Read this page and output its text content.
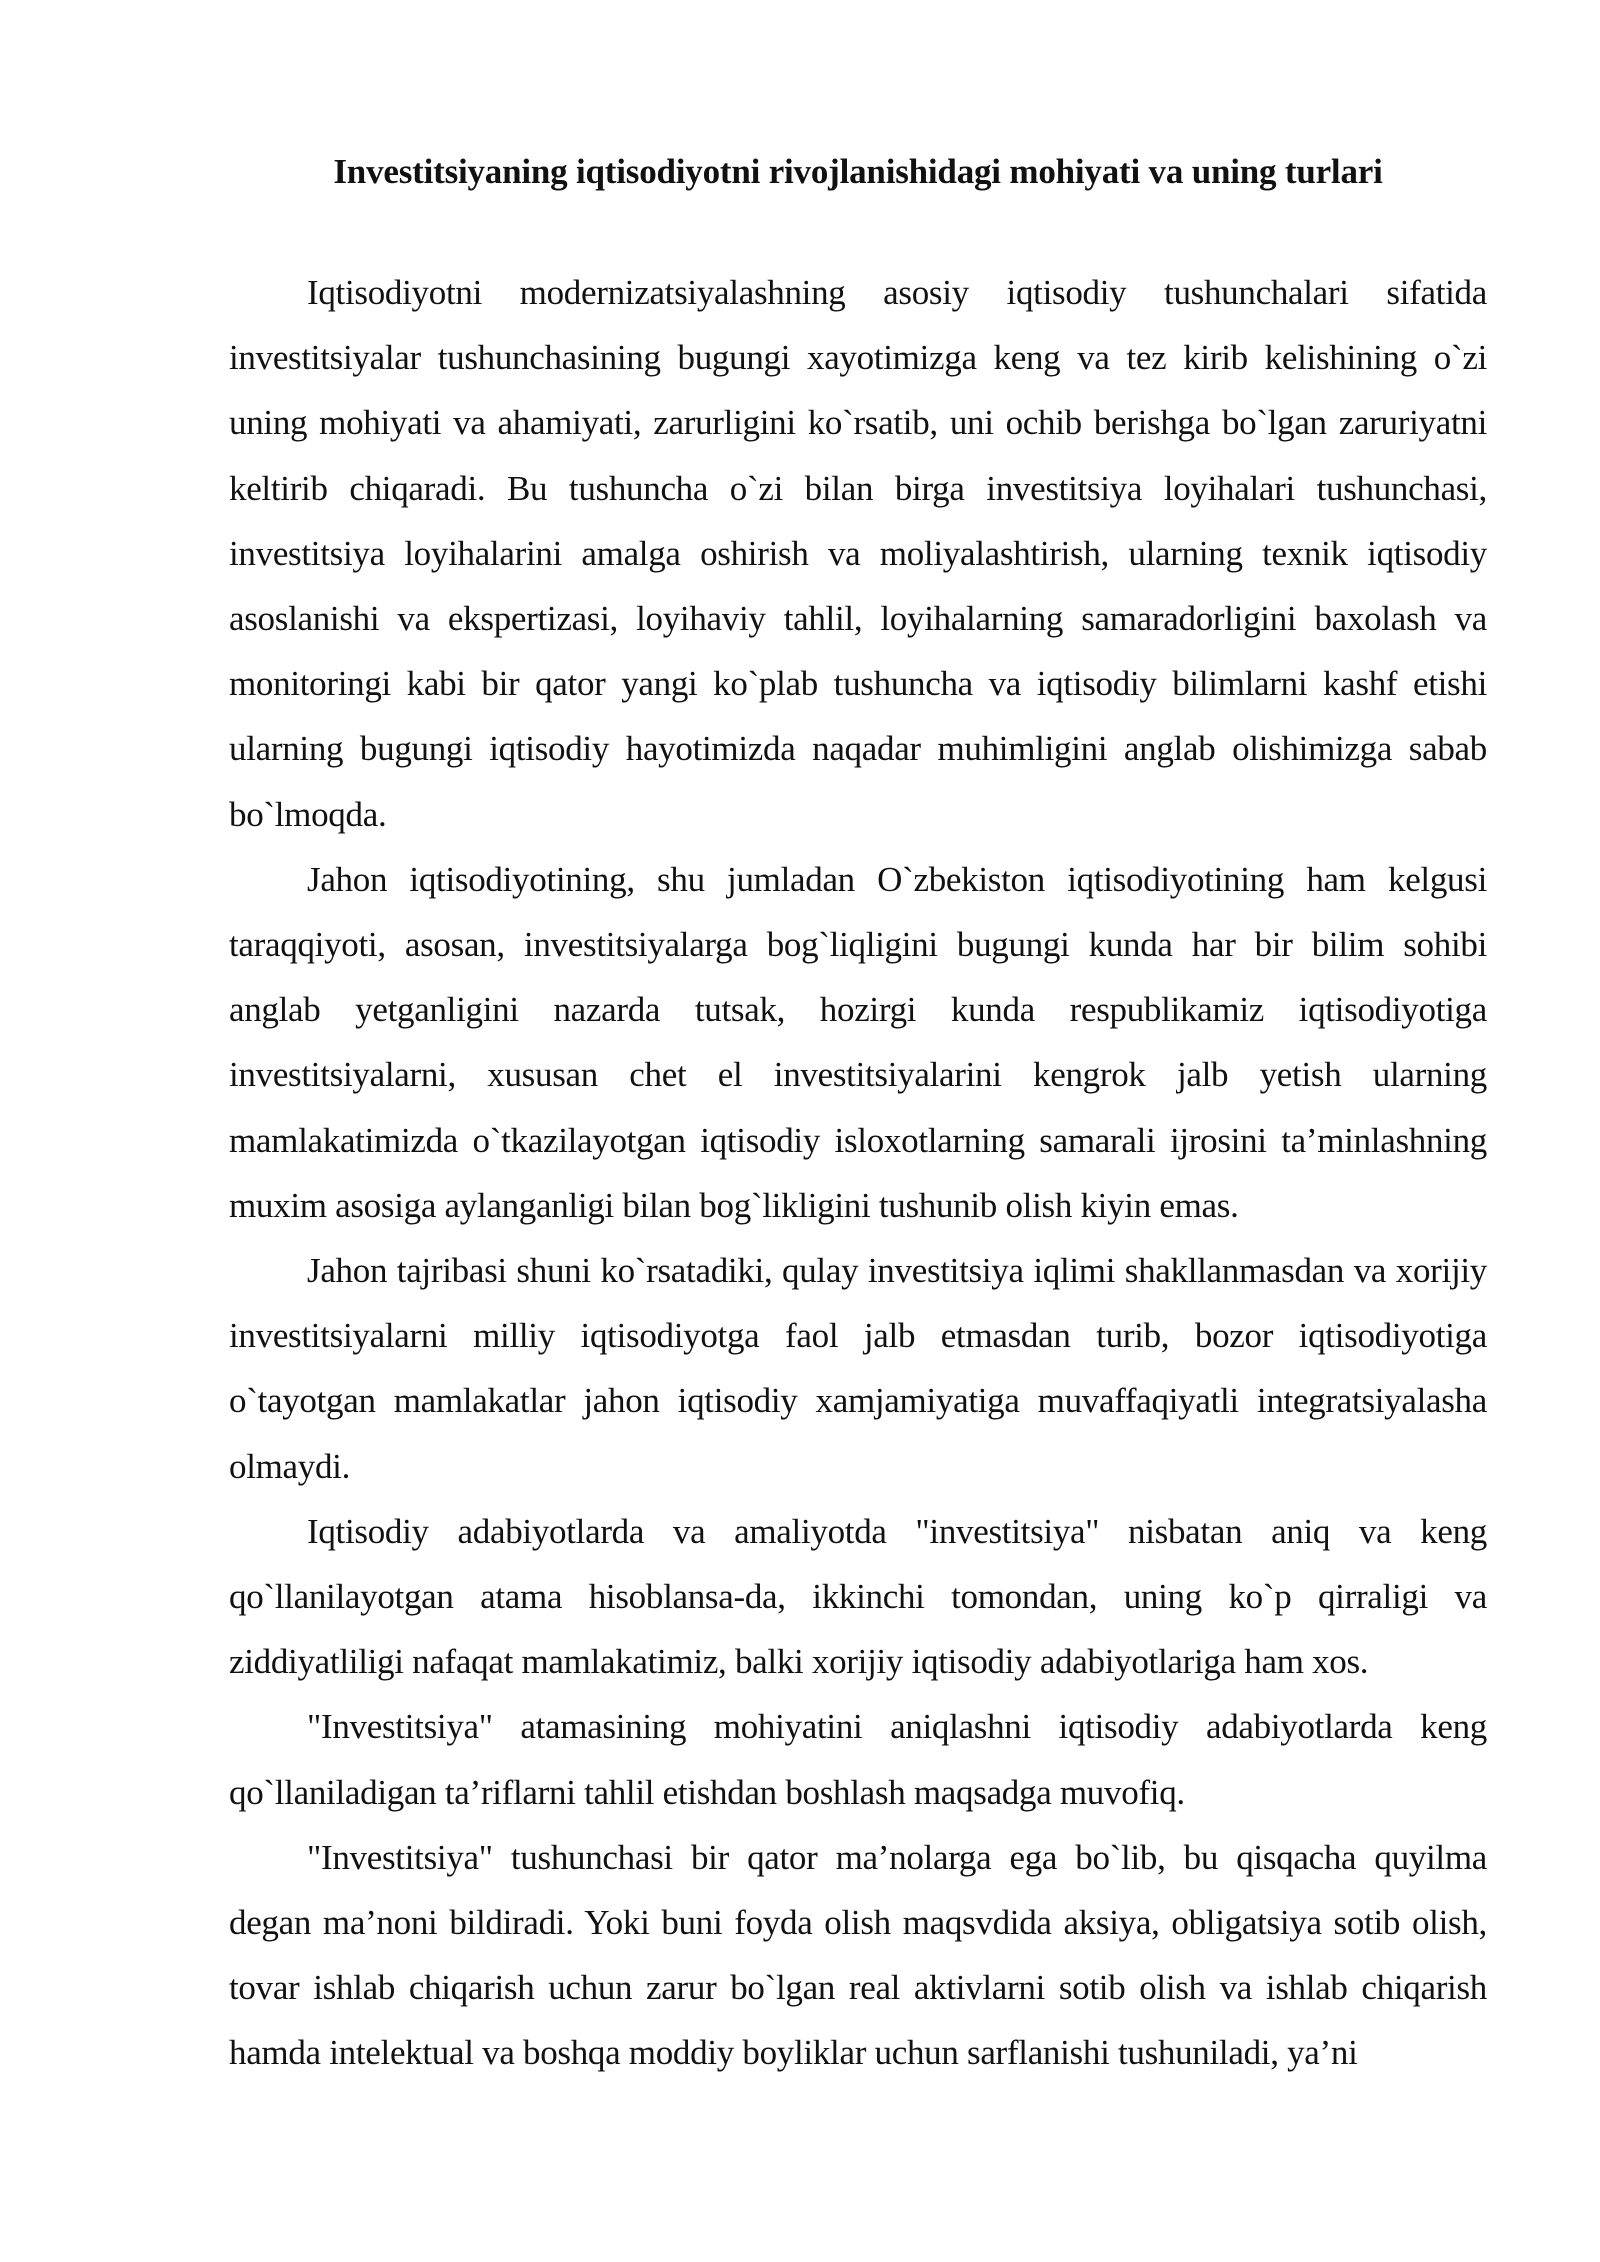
Investitsiyaning iqtisodiyotni rivojlanishidagi mohiyati va uning turlari

Iqtisodiyotni modernizatsiyalashning asosiy iqtisodiy tushunchalari sifatida investitsiyalar tushunchasining bugungi xayotimizga keng va tez kirib kelishining o`zi uning mohiyati va ahamiyati, zarurligini ko`rsatib, uni ochib berishga bo`lgan zaruriyatni keltirib chiqaradi. Bu tushuncha o`zi bilan birga investitsiya loyihalari tushunchasi, investitsiya loyihalarini amalga oshirish va moliyalashtirish, ularning texnik iqtisodiy asoslanishi va ekspertizasi, loyihaviy tahlil, loyihalarning samaradorligini baxolash va monitoringi kabi bir qator yangi ko`plab tushuncha va iqtisodiy bilimlarni kashf etishi ularning bugungi iqtisodiy hayotimizda naqadar muhimligini anglab olishimizga sabab bo`lmoqda.

Jahon iqtisodiyotining, shu jumladan O`zbekiston iqtisodiyotining ham kelgusi taraqqiyoti, asosan, investitsiyalarga bog`liqligini bugungi kunda har bir bilim sohibi anglab yetganligini nazarda tutsak, hozirgi kunda respublikamiz iqtisodiyotiga investitsiyalarni, xususan chet el investitsiyalarini kengrok jalb yetish ularning mamlakatimizda o`tkazilayotgan iqtisodiy isloxotlarning samarali ijrosini ta’minlashning muxim asosiga aylanganligi bilan bog`likligini tushunib olish kiyin emas.

Jahon tajribasi shuni ko`rsatadiki, qulay investitsiya iqlimi shakllanmasdan va xorijiy investitsiyalarni milliy iqtisodiyotga faol jalb etmasdan turib, bozor iqtisodiyotiga o`tayotgan mamlakatlar jahon iqtisodiy xamjamiyatiga muvaffaqiyatli integratsiyalasha olmaydi.

Iqtisodiy adabiyotlarda va amaliyotda "investitsiya" nisbatan aniq va keng qo`llanilayotgan atama hisoblansa-da, ikkinchi tomondan, uning ko`p qirraligi va ziddiyatliligi nafaqat mamlakatimiz, balki xorijiy iqtisodiy adabiyotlariga ham xos.

"Investitsiya" atamasining mohiyatini aniqlashni iqtisodiy adabiyotlarda keng qo`llaniladigan ta’riflarni tahlil etishdan boshlash maqsadga muvofiq.

"Investitsiya" tushunchasi bir qator ma’nolarga ega bo`lib, bu qisqacha quyilma degan ma’noni bildiradi. Yoki buni foyda olish maqsvdida aksiya, obligatsiya sotib olish, tovar ishlab chiqarish uchun zarur bo`lgan real aktivlarni sotib olish va ishlab chiqarish hamda intelektual va boshqa moddiy boyliklar uchun sarflanishi tushuniladi, ya’ni
